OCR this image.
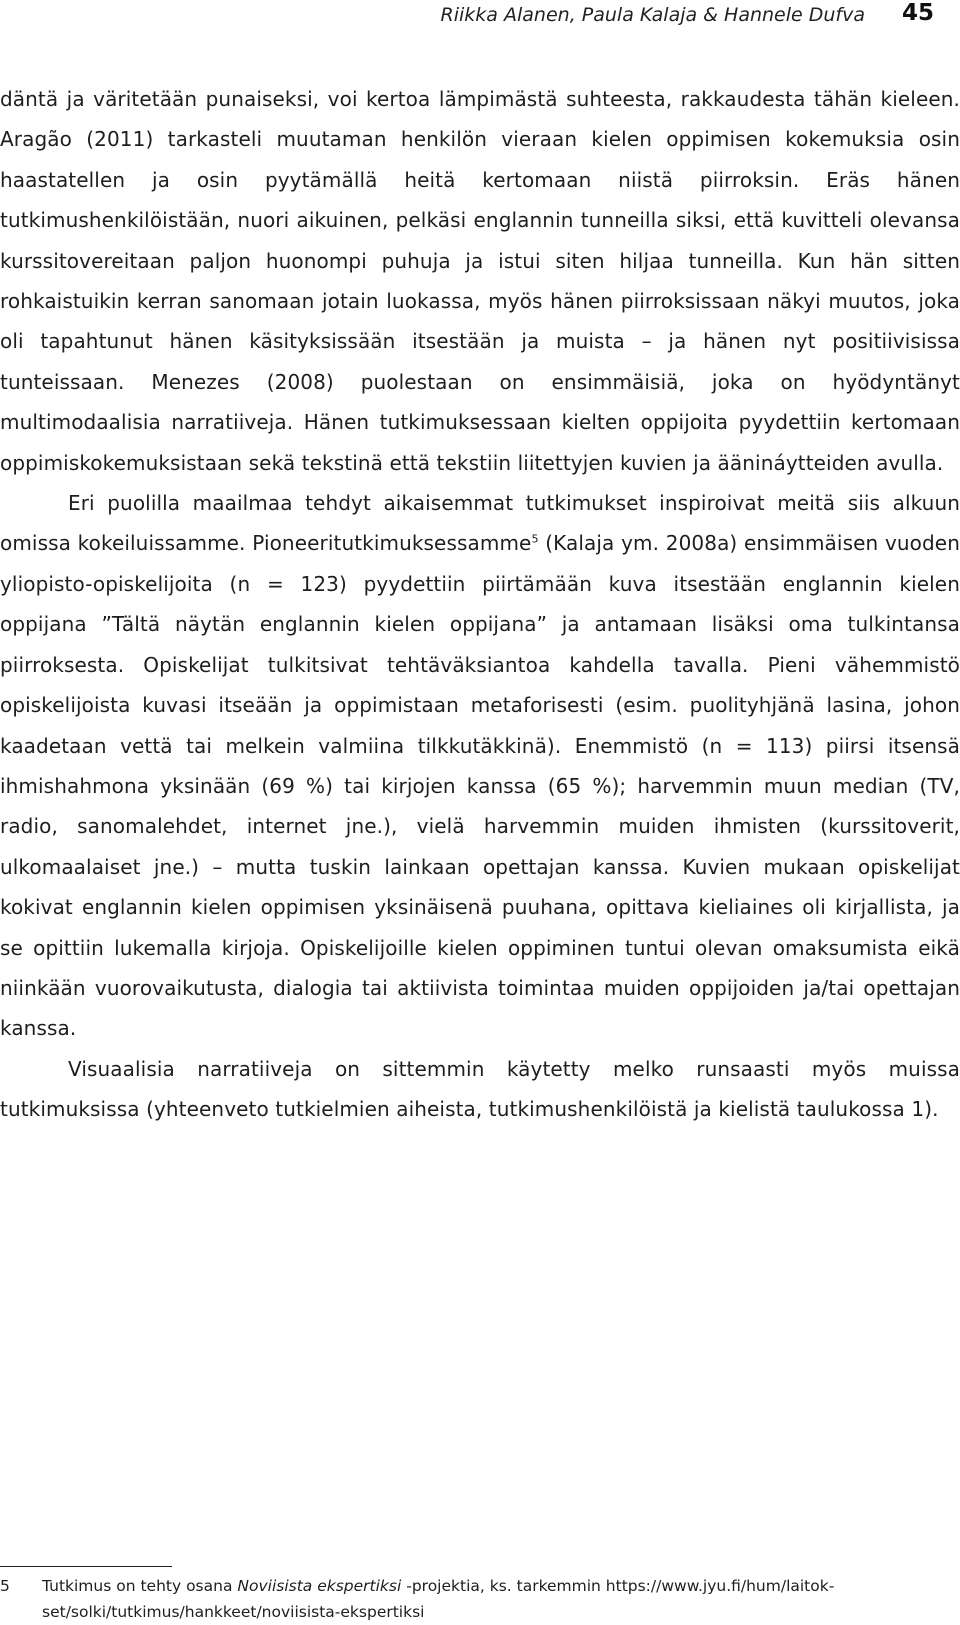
Riikka Alanen, Paula Kalaja & Hannele Dufva 45

däntä ja väritetään punaiseksi, voi kertoa lämpimästä suhteesta, rakkaudesta tähän kieleen. Aragão (2011) tarkasteli muutaman henkilön vieraan kielen oppimisen kokemuksia osin haastatellen ja osin pyytämällä heitä kertomaan niistä piirroksin. Eräs hänen tutkimushenkilöistään, nuori aikuinen, pelkäsi englannin tunneilla siksi, että kuvitteli olevansa kurssitovereitaan paljon huonompi puhuja ja istui siten hiljaa tunneilla. Kun hän sitten rohkaistuikin kerran sanomaan jotain luokassa, myös hänen piirroksissaan näkyi muutos, joka oli tapahtunut hänen käsityksissään itsestään ja muista – ja hänen nyt positiivisissa tunteissaan. Menezes (2008) puolestaan on ensimmäisiä, joka on hyödyntänyt multimodaalisia narratiiveja. Hänen tutkimuksessaan kielten oppijoita pyydettiin kertomaan oppimiskokemuksistaan sekä tekstinä että tekstiin liitettyjen kuvien ja äänináytteiden avulla.

Eri puolilla maailmaa tehdyt aikaisemmat tutkimukset inspiroivat meitä siis alkuun omissa kokeiluissamme. Pioneeritutkimuksessamme$^5$ (Kalaja ym. 2008a) ensimmäisen vuoden yliopisto-opiskelijoita (n = 123) pyydettiin piirtämään kuva itsestään englannin kielen oppijana ”Tältä näytän englannin kielen oppijana” ja antamaan lisäksi oma tulkintansa piirroksesta. Opiskelijat tulkitsivat tehtäväksiantoa kahdella tavalla. Pieni vähemmistö opiskelijoista kuvasi itseään ja oppimistaan metaforisesti (esim. puolityhjänä lasina, johon kaadetaan vettä tai melkein valmiina tilkkutäkkinä). Enemmistö (n = 113) piirsi itsensä ihmishahmona yksinään (69 %) tai kirjojen kanssa (65 %); harvemmin muun median (TV, radio, sanomalehdet, internet jne.), vielä harvemmin muiden ihmisten (kurssitoverit, ulkomaalaiset jne.) – mutta tuskin lainkaan opettajan kanssa. Kuvien mukaan opiskelijat kokivat englannin kielen oppimisen yksinäisenä puuhana, opittava kieliaines oli kirjallista, ja se opittiin lukemalla kirjoja. Opiskelijoille kielen oppiminen tuntui olevan omaksumista eikä niinkään vuorovaikutusta, dialogia tai aktiivista toimintaa muiden oppijoiden ja/tai opettajan kanssa.

Visuaalisia narratiiveja on sittemmin käytetty melko runsaasti myös muissa tutkimuksissa (yhteenveto tutkielmien aiheista, tutkimushenkilöistä ja kielistä taulukossa 1).

5 Tutkimus on tehty osana Noviisista ekspertiksi -projektia, ks. tarkemmin https://www.jyu.fi/hum/laitok-
set/solki/tutkimus/hankkeet/noviisista-ekspertiksi
